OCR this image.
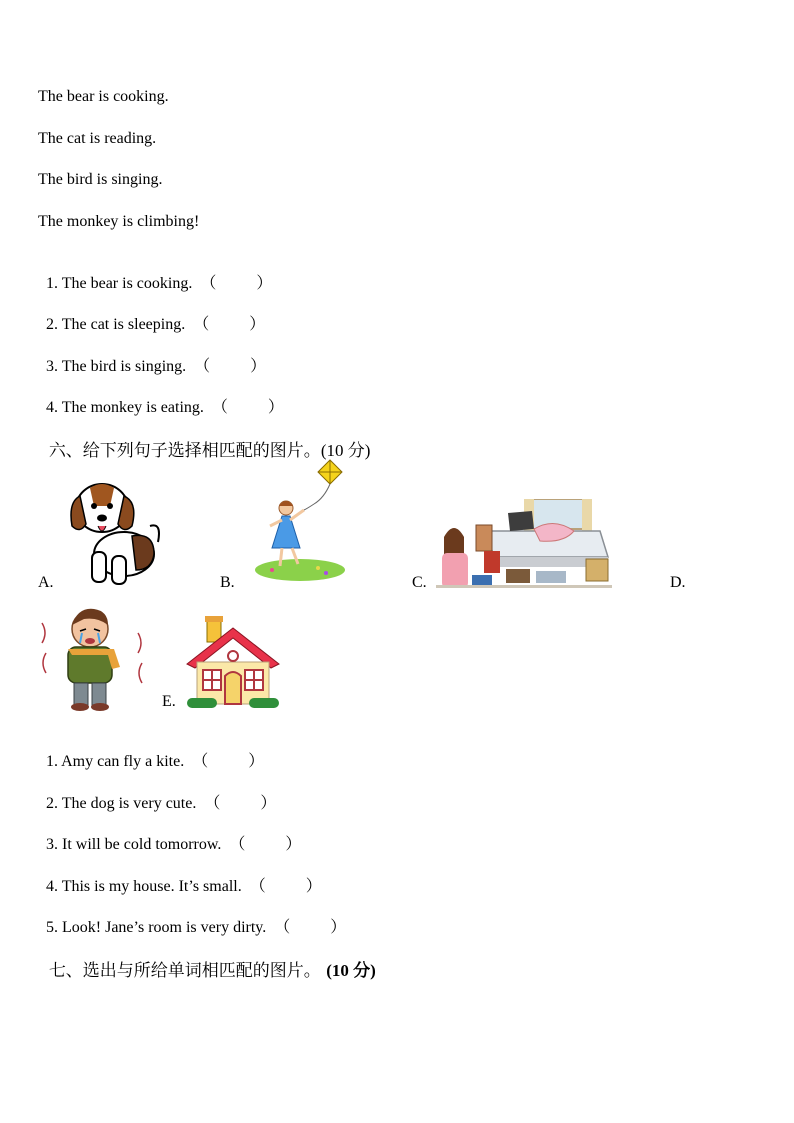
The bear is cooking.
The cat is reading.
The bird is singing.
The monkey is climbing!

1. The bear is cooking. （          ）

2. The cat is sleeping. （          ）

3. The bird is singing. （          ）

4. The monkey is eating. （          ）

六、给下列句子选择相匹配的图片。(10 分)

A.	B.	C.	D.
E.

1. Amy can fly a kite. （          ）

2. The dog is very cute. （          ）

3. It will be cold tomorrow. （          ）

4. This is my house. It’s small. （          ）

5. Look! Jane’s room is very dirty. （          ）

七、选出与所给单词相匹配的图片。 (10 分)
